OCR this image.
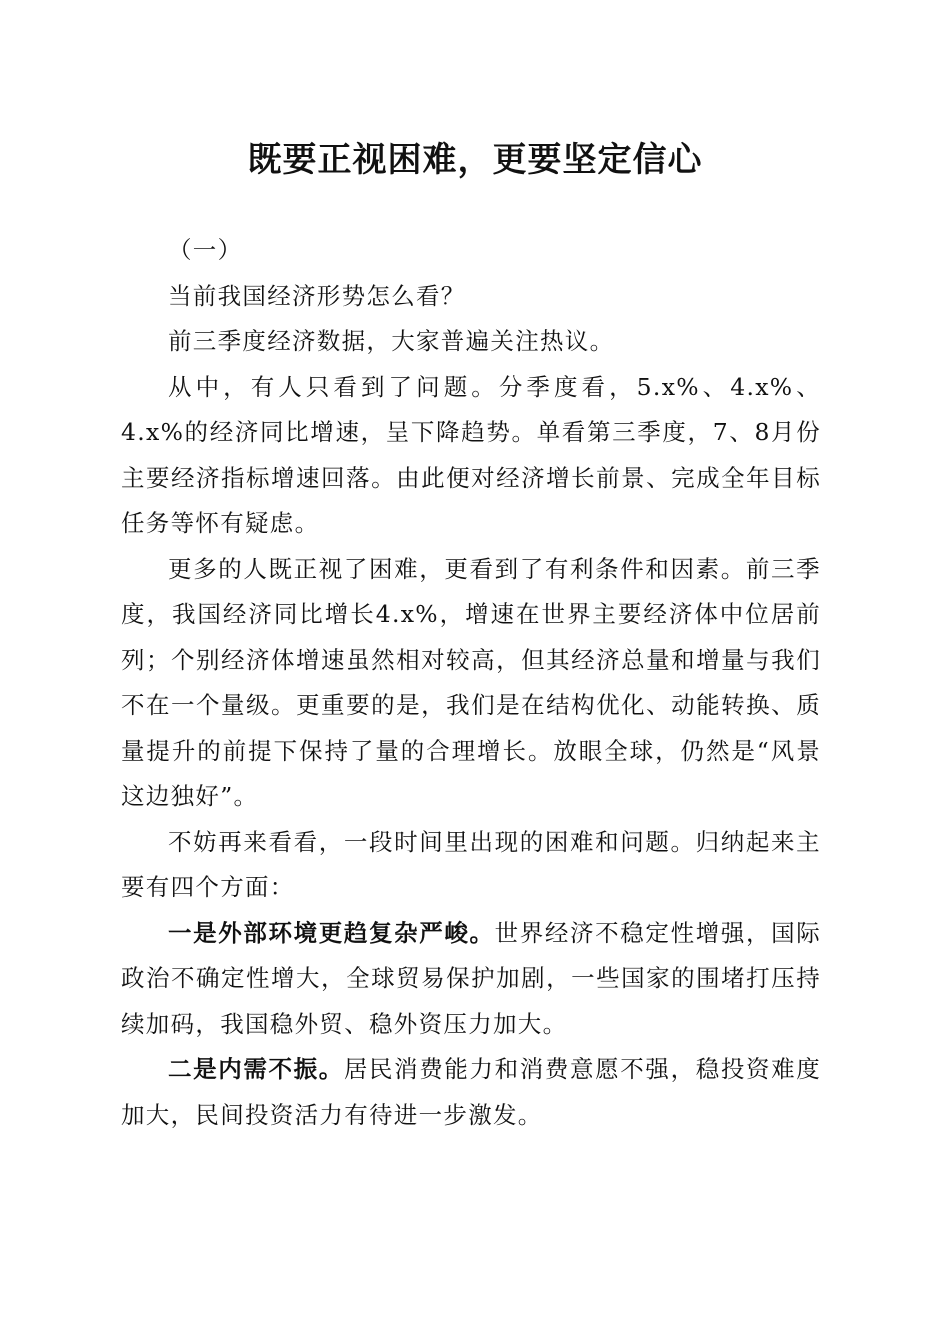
既要正视困难，更要坚定信心

（一）

当前我国经济形势怎么看？

前三季度经济数据，大家普遍关注热议。

从中，有人只看到了问题。分季度看，5.x%、4.x%、4.x%的经济同比增速，呈下降趋势。单看第三季度，7、8月份主要经济指标增速回落。由此便对经济增长前景、完成全年目标任务等怀有疑虑。

更多的人既正视了困难，更看到了有利条件和因素。前三季度，我国经济同比增长4.x%，增速在世界主要经济体中位居前列；个别经济体增速虽然相对较高，但其经济总量和增量与我们不在一个量级。更重要的是，我们是在结构优化、动能转换、质量提升的前提下保持了量的合理增长。放眼全球，仍然是“风景这边独好”。

不妨再来看看，一段时间里出现的困难和问题。归纳起来主要有四个方面：

一是外部环境更趋复杂严峻。世界经济不稳定性增强，国际政治不确定性增大，全球贸易保护加剧，一些国家的围堵打压持续加码，我国稳外贸、稳外资压力加大。

二是内需不振。居民消费能力和消费意愿不强，稳投资难度加大，民间投资活力有待进一步激发。
